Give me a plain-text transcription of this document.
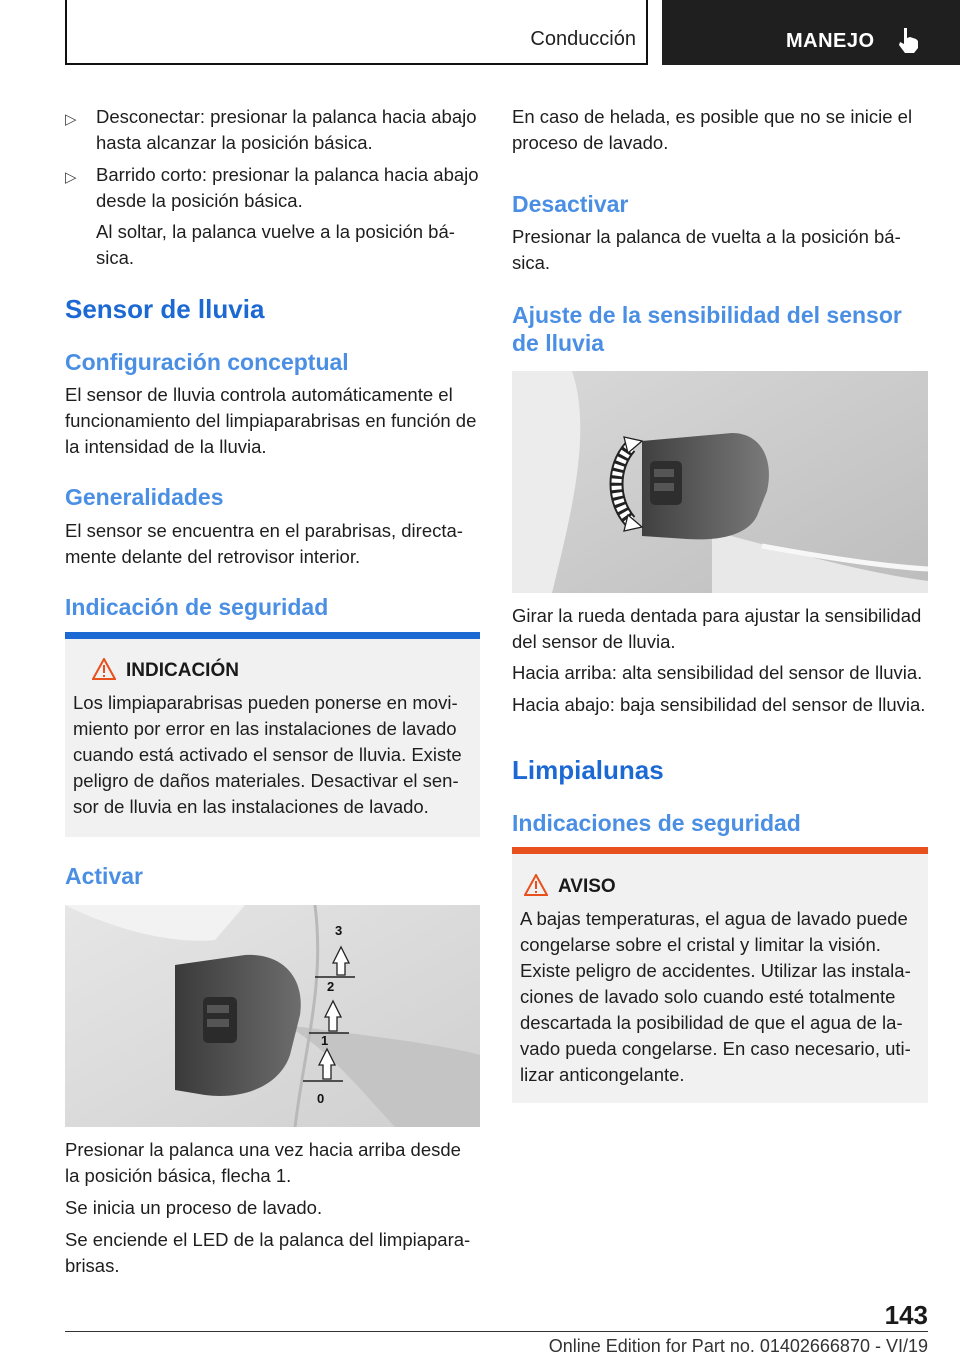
Conducción	MANEJO
▷ Desconectar: presionar la palanca hacia abajo hasta alcanzar la posición básica.

▷ Barrido corto: presionar la palanca hacia abajo desde la posición básica.

Al soltar, la palanca vuelve a la posición bá-sica.

Sensor de lluvia
Configuración conceptual

El sensor de lluvia controla automáticamente el funcionamiento del limpiaparabrisas en función de la intensidad de la lluvia.

Generalidades

El sensor se encuentra en el parabrisas, directa-mente delante del retrovisor interior.

Indicación de seguridad
INDICACIÓN

Los limpiaparabrisas pueden ponerse en movi-miento por error en las instalaciones de lavado cuando está activado el sensor de lluvia. Existe peligro de daños materiales. Desactivar el sen-sor de lluvia en las instalaciones de lavado.

Activar
3
2
1
0

Presionar la palanca una vez hacia arriba desde la posición básica, flecha 1.

Se inicia un proceso de lavado.

Se enciende el LED de la palanca del limpiapara-brisas.

En caso de helada, es posible que no se inicie el proceso de lavado.

Desactivar

Presionar la palanca de vuelta a la posición bá-sica.

Ajuste de la sensibilidad del sensor de lluvia

Girar la rueda dentada para ajustar la sensibilidad del sensor de lluvia.

Hacia arriba: alta sensibilidad del sensor de lluvia.

Hacia abajo: baja sensibilidad del sensor de lluvia.

Limpialunas
Indicaciones de seguridad
AVISO

A bajas temperaturas, el agua de lavado puede congelarse sobre el cristal y limitar la visión. Existe peligro de accidentes. Utilizar las instala-ciones de lavado solo cuando esté totalmente descartada la posibilidad de que el agua de la-vado pueda congelarse. En caso necesario, uti-lizar anticongelante.

143
Online Edition for Part no. 01402666870 - VI/19
